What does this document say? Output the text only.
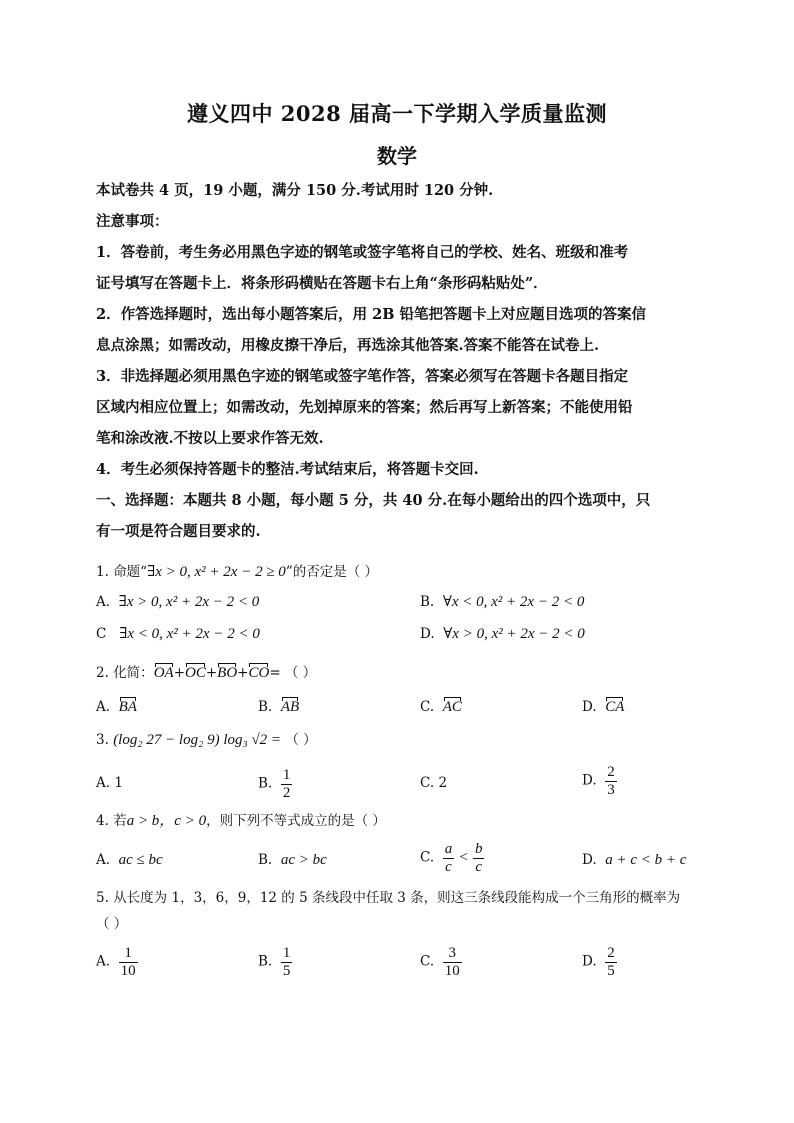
遵义四中 2028 届高一下学期入学质量监测
数学
本试卷共 4 页，19 小题，满分 150 分.考试用时 120 分钟.
注意事项：
1．答卷前，考生务必用黑色字迹的钢笔或签字笔将自己的学校、姓名、班级和准考
证号填写在答题卡上．将条形码横贴在答题卡右上角“条形码粘贴处”．
2．作答选择题时，选出每小题答案后，用 2B 铅笔把答题卡上对应题目选项的答案信
息点涂黑；如需改动，用橡皮擦干净后，再选涂其他答案.答案不能答在试卷上.
3．非选择题必须用黑色字迹的钢笔或签字笔作答，答案必须写在答题卡各题目指定
区域内相应位置上；如需改动，先划掉原来的答案；然后再写上新答案；不能使用铅
笔和涂改液.不按以上要求作答无效.
4．考生必须保持答题卡的整洁.考试结束后，将答题卡交回.
一、选择题：本题共 8 小题，每小题 5 分，共 40 分.在每小题给出的四个选项中，只
有一项是符合题目要求的.
1. 命题“∃x > 0, x² + 2x − 2 ≥ 0”的否定是（ ）
A. ∃x > 0, x² + 2x − 2 < 0	B. ∀x < 0, x² + 2x − 2 < 0
C ∃x < 0, x² + 2x − 2 < 0	D. ∀x > 0, x² + 2x − 2 < 0
2. 化简：OA+OC+BO+CO= （ ）
A. BA	B. AB	C. AC	D. CA
3. (log₂ 27 − log₂ 9) log₃ √2 = （ ）
A. 1	B. $\frac{1}{2}$	C. 2	D. $\frac{2}{3}$
4. 若a > b，c > 0，则下列不等式成立的是（ ）
A. ac ≤ bc	B. ac > bc	C. $\frac{a}{c} < \frac{b}{c}$	D. a + c < b + c
5. 从长度为 1，3，6，9，12 的 5 条线段中任取 3 条，则这三条线段能构成一个三角形的概率为
（ ）
A. $\frac{1}{10}$	B. $\frac{1}{5}$	C. $\frac{3}{10}$	D. $\frac{2}{5}$
